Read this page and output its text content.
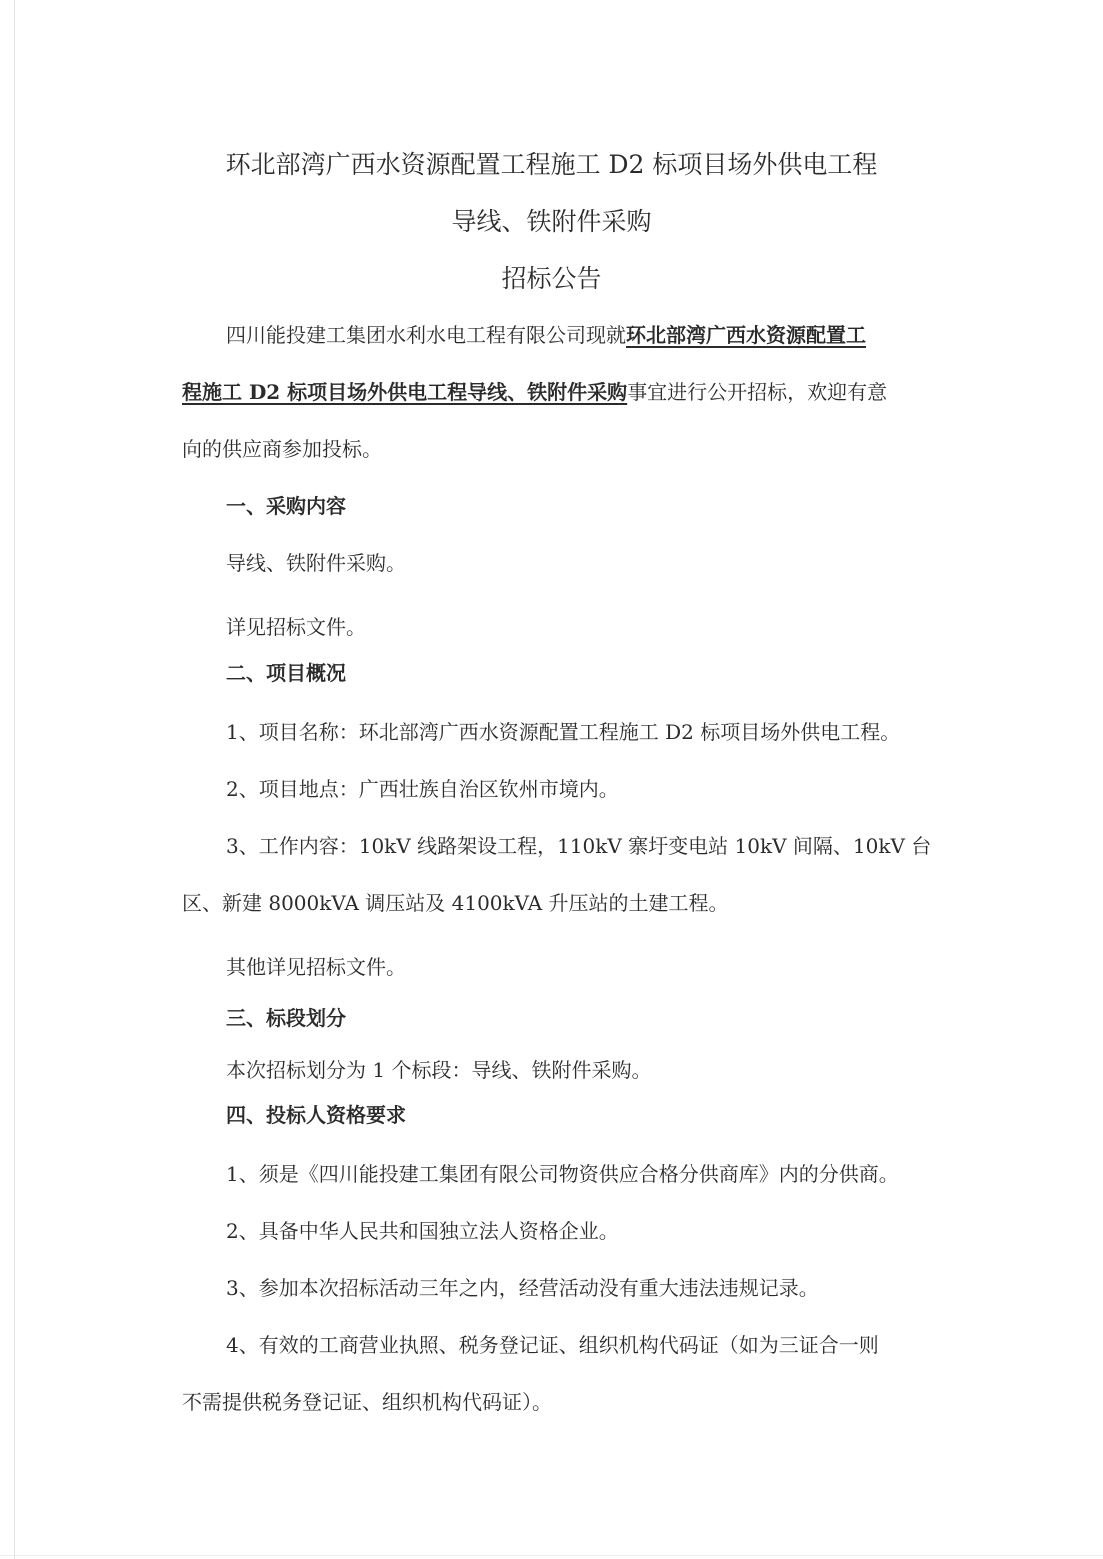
环北部湾广西水资源配置工程施工 D2 标项目场外供电工程
导线、铁附件采购
招标公告
四川能投建工集团水利水电工程有限公司现就环北部湾广西水资源配置工
程施工 D2 标项目场外供电工程导线、铁附件采购事宜进行公开招标，欢迎有意
向的供应商参加投标。
一、采购内容
导线、铁附件采购。
详见招标文件。
二、项目概况
1、项目名称：环北部湾广西水资源配置工程施工 D2 标项目场外供电工程。
2、项目地点：广西壮族自治区钦州市境内。
3、工作内容：10kV 线路架设工程，110kV 寨圩变电站 10kV 间隔、10kV 台
区、新建 8000kVA 调压站及 4100kVA 升压站的土建工程。
其他详见招标文件。
三、标段划分
本次招标划分为 1 个标段：导线、铁附件采购。
四、投标人资格要求
1、须是《四川能投建工集团有限公司物资供应合格分供商库》内的分供商。
2、具备中华人民共和国独立法人资格企业。
3、参加本次招标活动三年之内，经营活动没有重大违法违规记录。
4、有效的工商营业执照、税务登记证、组织机构代码证（如为三证合一则
不需提供税务登记证、组织机构代码证）。
